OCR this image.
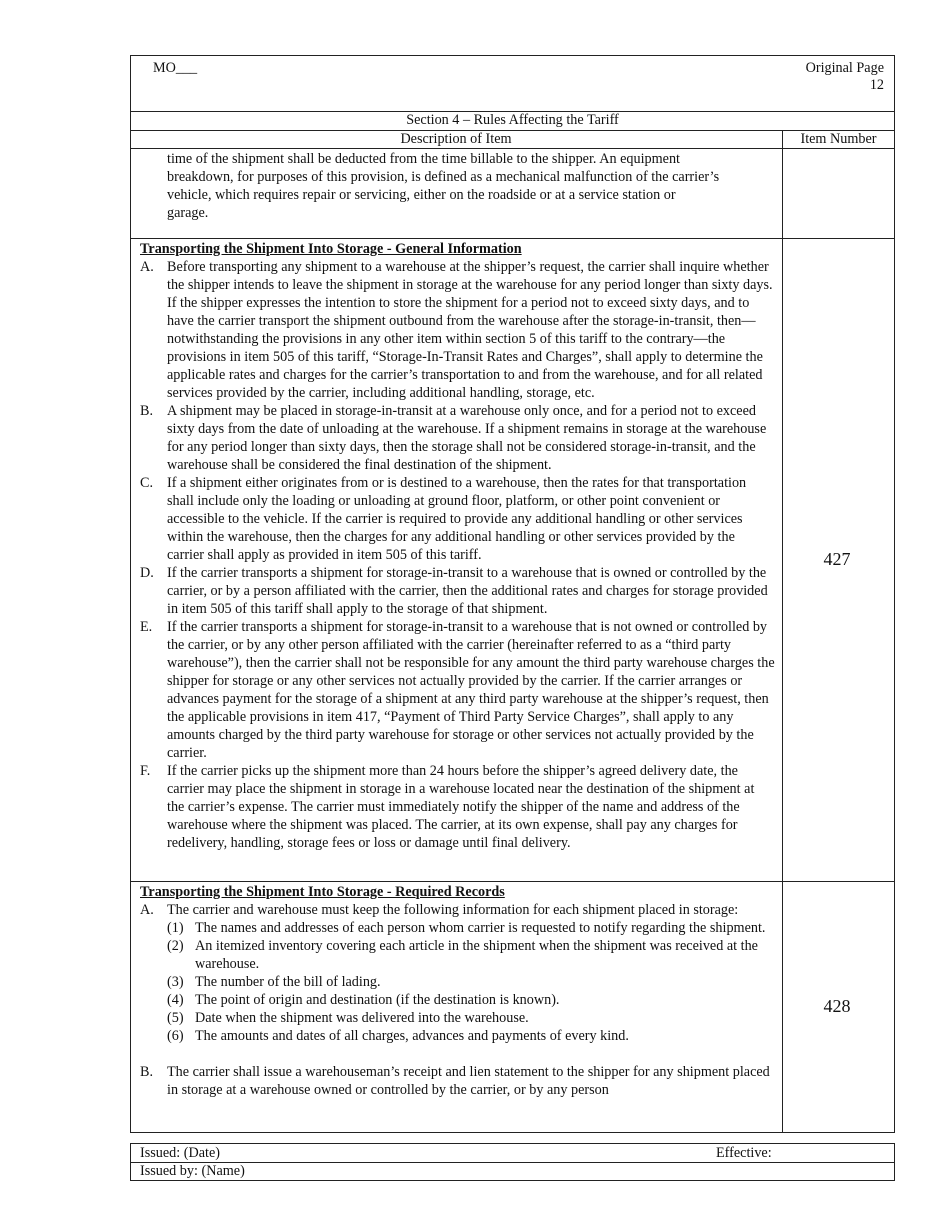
MO___	Original Page
12
Section 4 – Rules Affecting the Tariff
Description of Item	Item Number
time of the shipment shall be deducted from the time billable to the shipper. An equipment
breakdown, for purposes of this provision, is defined as a mechanical malfunction of the carrier’s
vehicle, which requires repair or servicing, either on the roadside or at a service station or
garage.
Transporting the Shipment Into Storage - General Information
A. Before transporting any shipment to a warehouse at the shipper’s request, the carrier shall inquire whether the shipper intends to leave the shipment in storage at the warehouse for any period longer than sixty days. If the shipper expresses the intention to store the shipment for a period not to exceed sixty days, and to have the carrier transport the shipment outbound from the warehouse after the storage-in-transit, then—notwithstanding the provisions in any other item within section 5 of this tariff to the contrary—the provisions in item 505 of this tariff, “Storage-In-Transit Rates and Charges”, shall apply to determine the applicable rates and charges for the carrier’s transportation to and from the warehouse, and for all related services provided by the carrier, including additional handling, storage, etc.
B. A shipment may be placed in storage-in-transit at a warehouse only once, and for a period not to exceed sixty days from the date of unloading at the warehouse. If a shipment remains in storage at the warehouse for any period longer than sixty days, then the storage shall not be considered storage-in-transit, and the warehouse shall be considered the final destination of the shipment.
C. If a shipment either originates from or is destined to a warehouse, then the rates for that transportation shall include only the loading or unloading at ground floor, platform, or other point convenient or accessible to the vehicle. If the carrier is required to provide any additional handling or other services within the warehouse, then the charges for any additional handling or other services provided by the carrier shall apply as provided in item 505 of this tariff.
D. If the carrier transports a shipment for storage-in-transit to a warehouse that is owned or controlled by the carrier, or by a person affiliated with the carrier, then the additional rates and charges for storage provided in item 505 of this tariff shall apply to the storage of that shipment.
E. If the carrier transports a shipment for storage-in-transit to a warehouse that is not owned or controlled by the carrier, or by any other person affiliated with the carrier (hereinafter referred to as a “third party warehouse”), then the carrier shall not be responsible for any amount the third party warehouse charges the shipper for storage or any other services not actually provided by the carrier. If the carrier arranges or advances payment for the storage of a shipment at any third party warehouse at the shipper’s request, then the applicable provisions in item 417, “Payment of Third Party Service Charges”, shall apply to any amounts charged by the third party warehouse for storage or other services not actually provided by the carrier.
F. If the carrier picks up the shipment more than 24 hours before the shipper’s agreed delivery date, the carrier may place the shipment in storage in a warehouse located near the destination of the shipment at the carrier’s expense. The carrier must immediately notify the shipper of the name and address of the warehouse where the shipment was placed. The carrier, at its own expense, shall pay any charges for redelivery, handling, storage fees or loss or damage until final delivery.
427
Transporting the Shipment Into Storage - Required Records
A. The carrier and warehouse must keep the following information for each shipment placed in storage:
(1) The names and addresses of each person whom carrier is requested to notify regarding the shipment.
(2) An itemized inventory covering each article in the shipment when the shipment was received at the warehouse.
(3) The number of the bill of lading.
(4) The point of origin and destination (if the destination is known).
(5) Date when the shipment was delivered into the warehouse.
(6) The amounts and dates of all charges, advances and payments of every kind.
B. The carrier shall issue a warehouseman’s receipt and lien statement to the shipper for any shipment placed in storage at a warehouse owned or controlled by the carrier, or by any person
428
Issued: (Date)	Effective:
Issued by: (Name)
